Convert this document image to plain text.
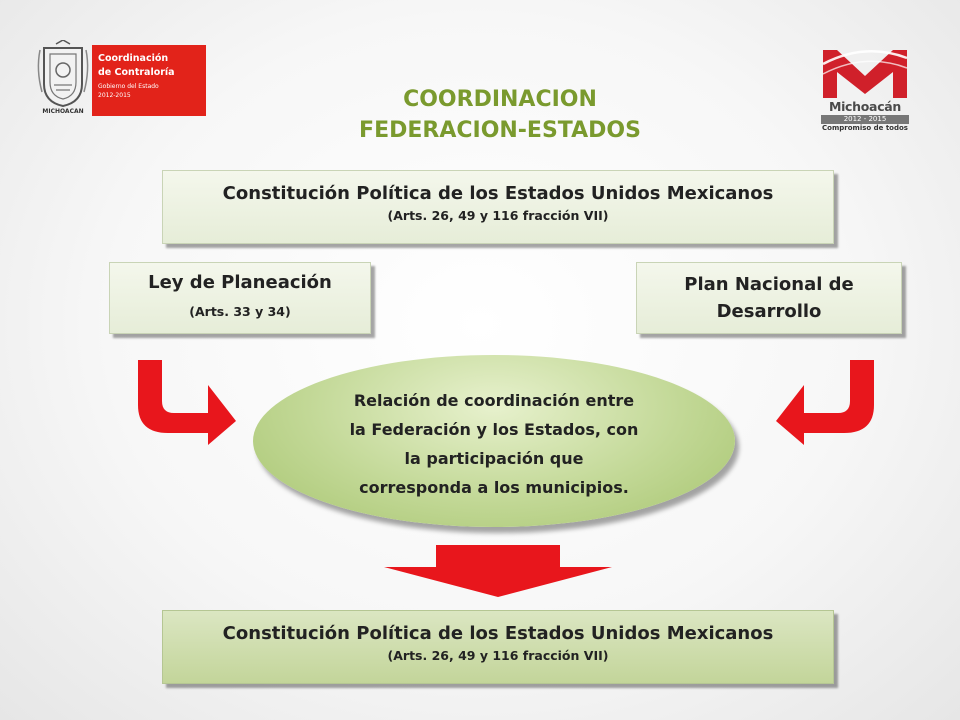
MICHOACAN
Coordinación
de Contraloría
Gobierno del Estado
2012-2015
Michoacán
2012 - 2015
Compromiso de todos
COORDINACION
FEDERACION-ESTADOS
Constitución Política de los Estados Unidos Mexicanos
(Arts. 26, 49 y 116 fracción VII)
Ley de Planeación
(Arts. 33 y 34)
Plan Nacional de
Desarrollo
Relación de coordinación entre
la Federación y los Estados, con
la participación que
corresponda a los municipios.
Constitución Política de los Estados Unidos Mexicanos
(Arts. 26, 49 y 116 fracción VII)
